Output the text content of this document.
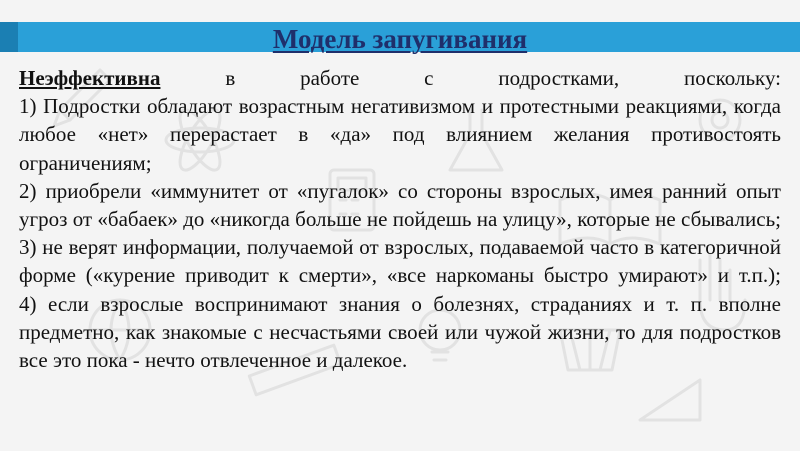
Модель запугивания

Неэффективна в работе с подростками, поскольку:

1) Подростки обладают возрастным негативизмом и протестными реакциями, когда любое «нет» перерастает в «да» под влиянием желания противостоять ограничениям;

2) приобрели «иммунитет от «пугалок» со стороны взрослых, имея ранний опыт угроз от «бабаек» до «никогда больше не пойдешь на улицу», которые не сбывались;

3) не верят информации, получаемой от взрослых, подаваемой часто в категоричной форме («курение приводит к смерти», «все наркоманы быстро умирают» и т.п.);

4) если взрослые воспринимают знания о болезнях, страданиях и т. п. вполне предметно, как знакомые с несчастьями своей или чужой жизни, то для подростков все это пока - нечто отвлеченное и далекое.
